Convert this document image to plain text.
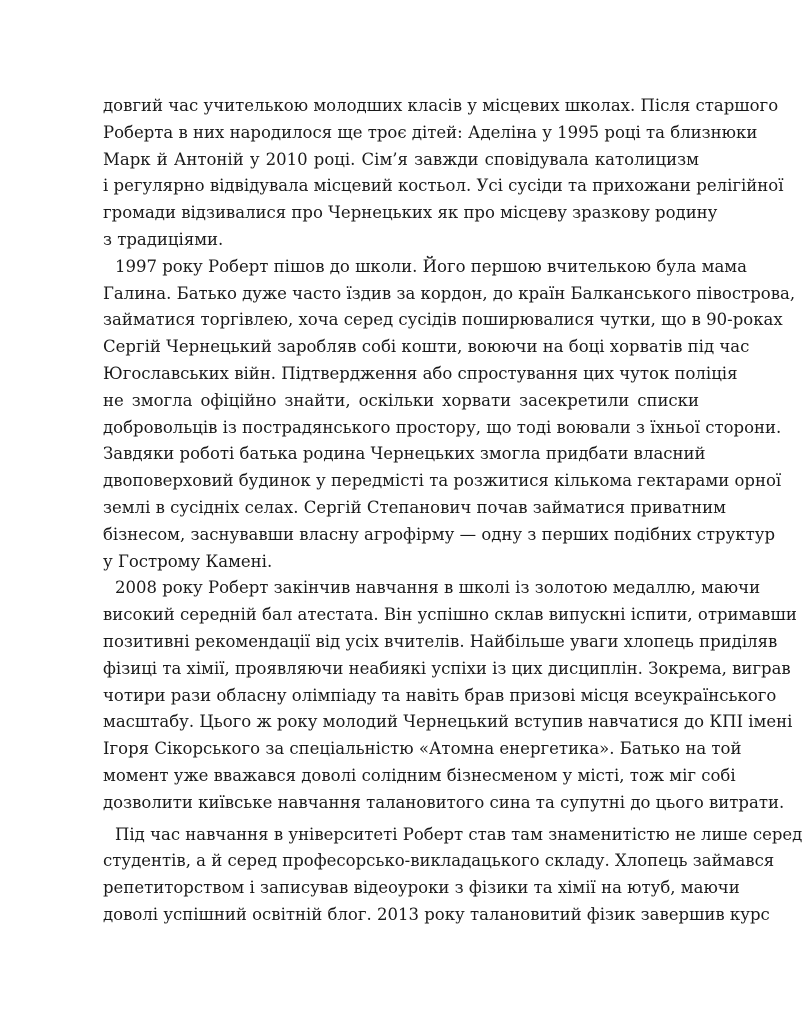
довгий час учителькою молодших класів у місцевих школах. Після старшого
Роберта в них народилося ще троє дітей: Аделіна у 1995 році та близнюки
Марк й Антоній у 2010 році. Сім’я завжди сповідувала католицизм
і регулярно відвідувала місцевий костьол. Усі сусіди та прихожани релігійної
громади відзивалися про Чернецьких як про місцеву зразкову родину
з традиціями.
1997 року Роберт пішов до школи. Його першою вчителькою була мама
Галина. Батько дуже часто їздив за кордон, до країн Балканського півострова,
займатися торгівлею, хоча серед сусідів поширювалися чутки, що в 90-роках
Сергій Чернецький заробляв собі кошти, воюючи на боці хорватів під час
Югославських війн. Підтвердження або спростування цих чуток поліція
не змогла офіційно знайти, оскільки хорвати засекретили списки
добровольців із пострадянського простору, що тоді воювали з їхньої сторони.
Завдяки роботі батька родина Чернецьких змогла придбати власний
двоповерховий будинок у передмісті та розжитися кількома гектарами орної
землі в сусідніх селах. Сергій Степанович почав займатися приватним
бізнесом, заснувавши власну агрофірму — одну з перших подібних структур
у Гострому Камені.
2008 року Роберт закінчив навчання в школі із золотою медаллю, маючи
високий середній бал атестата. Він успішно склав випускні іспити, отримавши
позитивні рекомендації від усіх вчителів. Найбільше уваги хлопець приділяв
фізиці та хімії, проявляючи неабиякі успіхи із цих дисциплін. Зокрема, виграв
чотири рази обласну олімпіаду та навіть брав призові місця всеукраїнського
масштабу. Цього ж року молодий Чернецький вступив навчатися до КПІ імені
Ігоря Сікорського за спеціальністю «Атомна енергетика». Батько на той
момент уже вважався доволі солідним бізнесменом у місті, тож міг собі
дозволити київське навчання талановитого сина та супутні до цього витрати.
Під час навчання в університеті Роберт став там знаменитістю не лише серед
студентів, а й серед професорсько-викладацького складу. Хлопець займався
репетиторством і записував відеоуроки з фізики та хімії на ютуб, маючи
доволі успішний освітній блог. 2013 року талановитий фізик завершив курс
